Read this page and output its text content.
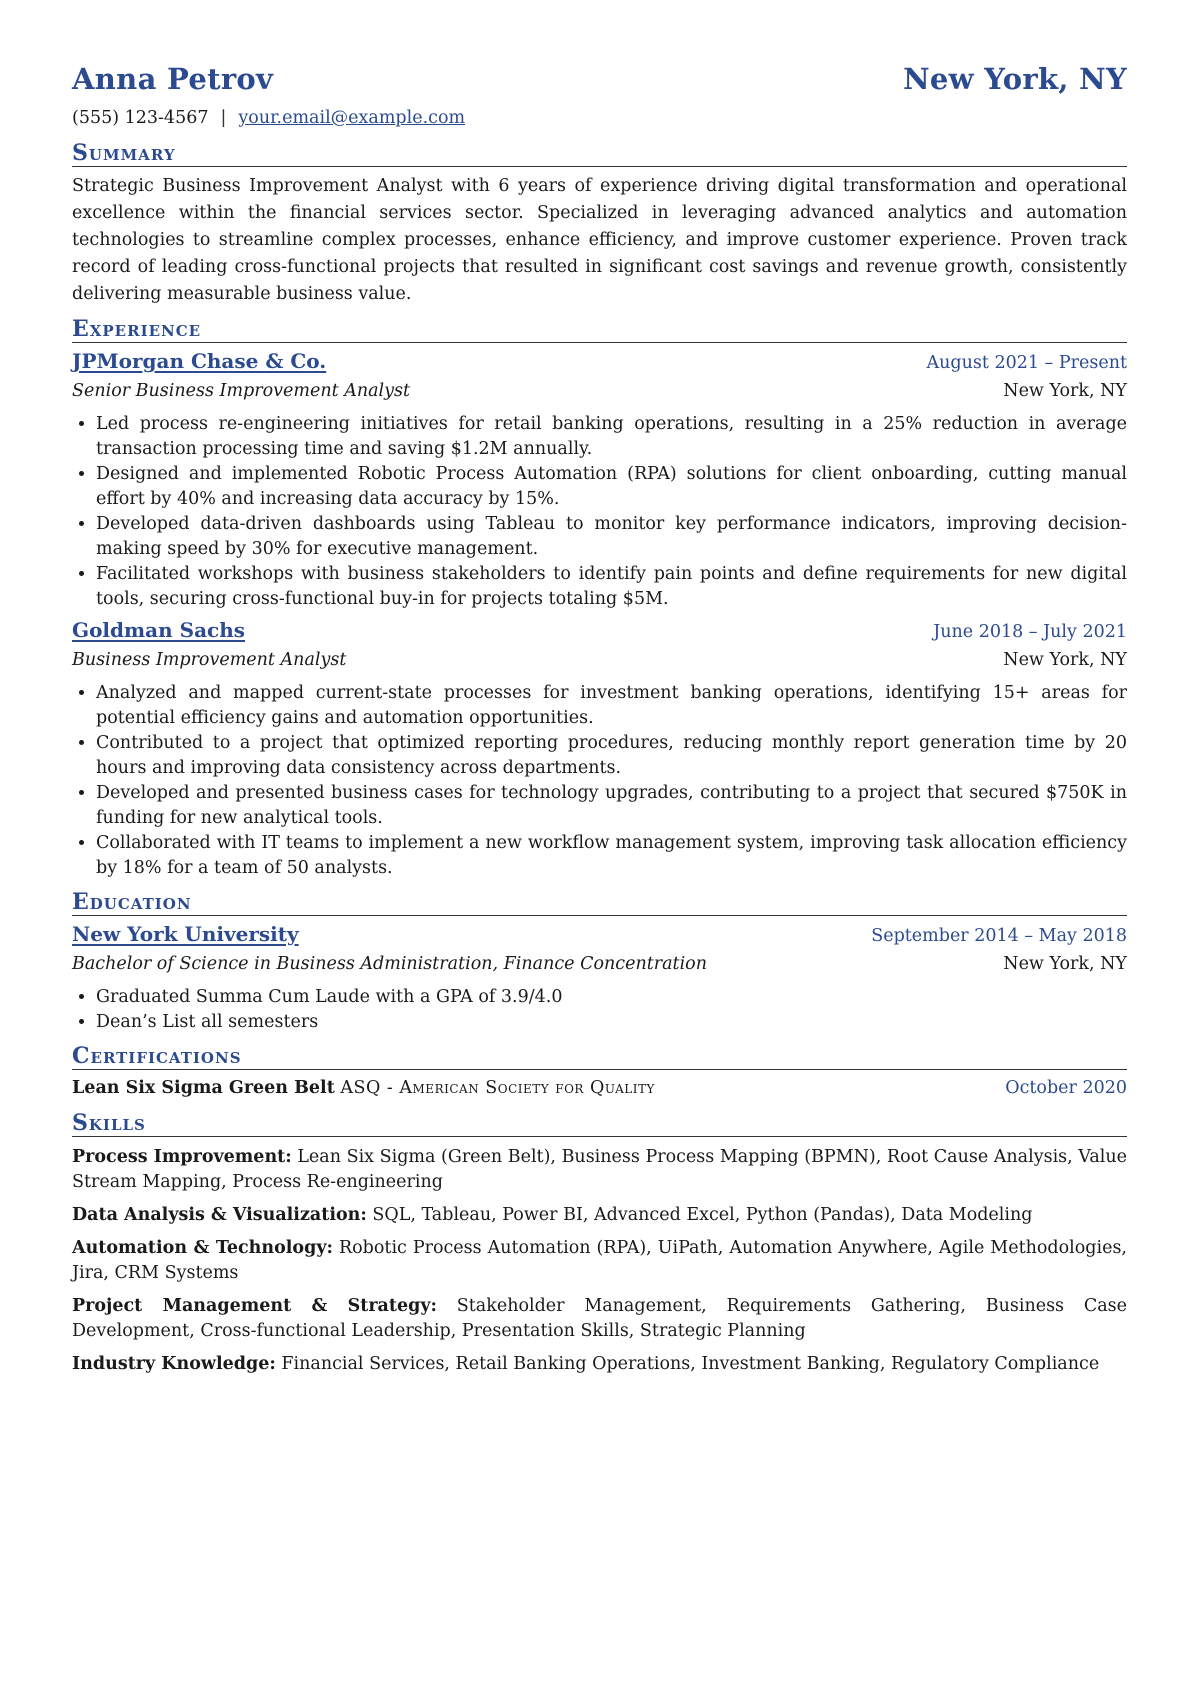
Anna Petrov	New York, NY
(555) 123-4567 | your.email@example.com
Summary
Strategic Business Improvement Analyst with 6 years of experience driving digital transformation and operational excellence within the financial services sector. Specialized in leveraging advanced analytics and automation technologies to streamline complex processes, enhance efficiency, and improve customer experience. Proven track record of leading cross-functional projects that resulted in significant cost savings and revenue growth, consistently delivering measurable business value.
Experience
JPMorgan Chase & Co.	August 2021 – Present
Senior Business Improvement Analyst	New York, NY
• Led process re-engineering initiatives for retail banking operations, resulting in a 25% reduction in average transaction processing time and saving $1.2M annually.
• Designed and implemented Robotic Process Automation (RPA) solutions for client onboarding, cutting manual effort by 40% and increasing data accuracy by 15%.
• Developed data-driven dashboards using Tableau to monitor key performance indicators, improving decision-making speed by 30% for executive management.
• Facilitated workshops with business stakeholders to identify pain points and define requirements for new digital tools, securing cross-functional buy-in for projects totaling $5M.
Goldman Sachs	June 2018 – July 2021
Business Improvement Analyst	New York, NY
• Analyzed and mapped current-state processes for investment banking operations, identifying 15+ areas for potential efficiency gains and automation opportunities.
• Contributed to a project that optimized reporting procedures, reducing monthly report generation time by 20 hours and improving data consistency across departments.
• Developed and presented business cases for technology upgrades, contributing to a project that secured $750K in funding for new analytical tools.
• Collaborated with IT teams to implement a new workflow management system, improving task allocation efficiency by 18% for a team of 50 analysts.
Education
New York University	September 2014 – May 2018
Bachelor of Science in Business Administration, Finance Concentration	New York, NY
• Graduated Summa Cum Laude with a GPA of 3.9/4.0
• Dean’s List all semesters
Certifications
Lean Six Sigma Green Belt ASQ - American Society for Quality	October 2020
Skills
Process Improvement: Lean Six Sigma (Green Belt), Business Process Mapping (BPMN), Root Cause Analysis, Value Stream Mapping, Process Re-engineering
Data Analysis & Visualization: SQL, Tableau, Power BI, Advanced Excel, Python (Pandas), Data Modeling
Automation & Technology: Robotic Process Automation (RPA), UiPath, Automation Anywhere, Agile Methodologies, Jira, CRM Systems
Project Management & Strategy: Stakeholder Management, Requirements Gathering, Business Case Development, Cross-functional Leadership, Presentation Skills, Strategic Planning
Industry Knowledge: Financial Services, Retail Banking Operations, Investment Banking, Regulatory Compliance
